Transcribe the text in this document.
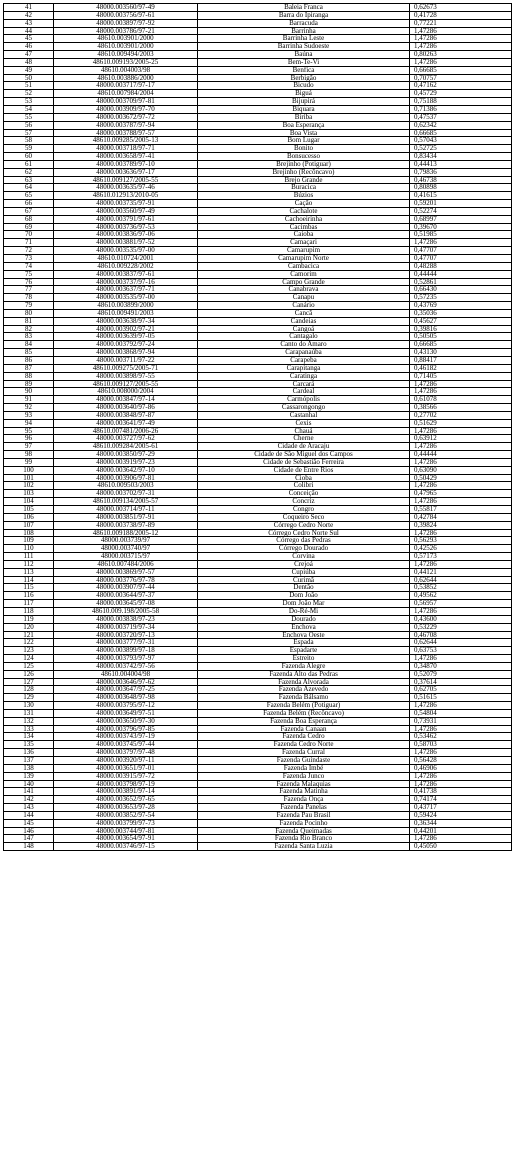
41	48000.003560/97-49	Baleia Franca	0,62673
42	48000.003756/97-61	Barra do Ipiranga	0,41728
43	48000.003897/97-92	Barracuda	0,77221
44	48000.003786/97-21	Barrinha	1,47286
45	48610.003901/2000	Barrinha Leste	1,47286
46	48610.003901/2000	Barrinha Sudoeste	1,47286
47	48610.009494/2003	Baúna	0,80263
48	48610.009193/2005-25	Bem-Te-Vi	1,47286
49	48610.004003/98	Benfica	0,66685
50	48610.003886/2000	Berbigão	0,70757
51	48000.003717/97-17	Bicudo	0,47162
52	48610.007984/2004	Biguá	0,45729
53	48000.003709/97-81	Bijupirá	0,75188
54	48000.003909/97-70	Biquara	0,71386
55	48000.003672/97-72	Biriba	0,47537
56	48000.003787/97-94	Boa Esperança	0,62342
57	48000.003788/97-57	Boa Vista	0,66685
58	48610.009285/2005-13	Bom Lugar	0,57043
59	48000.003718/97-71	Bonito	0,52725
60	48000.003658/97-41	Bonsucesso	0,83434
61	48000.003789/97-10	Brejinho (Potiguar)	0,44413
62	48000.003636/97-17	Brejinho (Recôncavo)	0,79836
63	48610.009127/2005-55	Brejo Grande	0,46738
64	48000.003635/97-46	Buracica	0,80898
65	48610.012913/2010-05	Búzios	0,41615
66	48000.003735/97-91	Cação	0,59201
67	48000.003560/97-49	Cachalote	0,52274
68	48000.003791/97-61	Cachoeirinha	0,68997
69	48000.003736/97-53	Cacimbas	0,39670
70	48000.003836/97-06	Caioba	0,51985
71	48000.003881/97-52	Camaçari	1,47286
72	48000.003535/97-00	Camarupim	0,47707
73	48610.010724/2001	Camarupim Norte	0,47707
74	48610.009228/2002	Cambacica	0,48288
75	48000.003837/97-61	Camorim	0,44444
76	48000.003737/97-16	Campo Grande	0,52861
77	48000.003637/97-71	Canabrava	0,66430
78	48000.003535/97-00	Canapu	0,57235
79	48610.003899/2000	Canário	0,43769
80	48610.009491/2003	Cancã	0,35036
81	48000.003638/97-34	Candeias	0,45627
82	48000.003902/97-21	Cangoá	0,39816
83	48000.003639/97-05	Cantagalo	0,50505
84	48000.003792/97-24	Canto do Amaro	0,66685
85	48000.003868/97-94	Carapanaúba	0,43130
86	48000.003711/97-22	Carapeba	0,88417
87	48610.009275/2005-71	Carapitanga	0,46182
88	48000.003898/97-55	Caratinga	0,71405
89	48610.009127/2005-55	Carcará	1,47286
90	48610.008000/2004	Cardeal	1,47286
91	48000.003847/97-14	Carmópolis	0,61078
92	48000.003640/97-86	Cassarongongo	0,38566
93	48000.003848/97-87	Castanhal	0,27702
94	48000.003641/97-49	Cexis	0,51629
95	48610.007481/2006-26	Chauá	1,47286
96	48000.003727/97-62	Cherne	0,63912
97	48610.009284/2005-61	Cidade de Aracaju	1,47286
98	48000.003850/97-29	Cidade de São Miguel dos Campos	0,44444
99	48000.003919/97-23	Cidade de Sebastião Ferreira	1,47286
100	48000.003642/97-10	Cidade de Entre Rios	0,63090
101	48000.003906/97-81	Cioba	0,50429
102	48610.009503/2003	Colibri	1,47286
103	48000.003702/97-31	Conceição	0,47965
104	48610.009134/2005-57	Concriz	1,47286
105	48000.003714/97-11	Congro	0,55817
106	48000.003851/97-91	Coqueiro Seco	0,42784
107	48000.003738/97-89	Córrego Cedro Norte	0,39824
108	48610.009188/2005-12	Córrego Cedro Norte Sul	1,47286
109	48000.003739/97	Córrego das Pedras	0,56293
110	48000.003740/97	Córrego Dourado	0,42526
111	48000.003715/97	Corvina	0,57173
112	48610.007484/2006	Crejoá	1,47286
113	48000.003869/97-57	Cupiúba	0,44121
114	48000.003776/97-78	Curimã	0,62644
115	48000.003907/97-44	Dentão	0,53852
116	48000.003644/97-37	Dom João	0,49562
117	48000.003645/97-08	Dom João Mar	0,56957
118	48610.009.198/2005-58	Do-Ré-Mi	1,47286
119	48000.003838/97-23	Dourado	0,43600
120	48000.003719/97-34	Enchova	0,53229
121	48000.003720/97-13	Enchova Oeste	0,46708
122	48000.003777/97-31	Espada	0,62644
123	48000.003899/97-18	Espadarte	0,63753
124	48000.003793/97-97	Estreito	1,47286
125	48000.003742/97-56	Fazenda Alegre	0,34870
126	48610.004004/98	Fazenda Alto das Pedras	0,52079
127	48000.003646/97-62	Fazenda Alvorada	0,37614
128	48000.003647/97-25	Fazenda Azevedo	0,62705
129	48000.003648/97-98	Fazenda Bálsamo	0,51615
130	48000.003795/97-12	Fazenda Belém (Potiguar)	1,47286
131	48000.003649/97-51	Fazenda Belém (Recôncavo)	0,54804
132	48000.003650/97-30	Fazenda Boa Esperança	0,73931
133	48000.003796/97-85	Fazenda Canaan	1,47286
134	48000.003743/97-19	Fazenda Cedro	0,53462
135	48000.003745/97-44	Fazenda Cedro Norte	0,58703
136	48000.003797/97-48	Fazenda Curral	1,47286
137	48000.003920/97-11	Fazenda Guindaste	0,56428
138	48000.003651/97-01	Fazenda Imbé	0,46906
139	48000.003915/97-72	Fazenda Junco	1,47286
140	48000.003798/97-19	Fazenda Malaquias	1,47286
141	48000.003891/97-14	Fazenda Matinha	0,41738
142	48000.003652/97-65	Fazenda Onça	0,74174
143	48000.003653/97-28	Fazenda Panelas	0,43717
144	48000.003852/97-54	Fazenda Pau Brasil	0,59424
145	48000.003799/97-73	Fazenda Pocinho	0,36344
146	48000.003744/97-81	Fazenda Queimadas	0,44201
147	48000.003654/97-91	Fazenda Rio Branco	1,47286
148	48000.003746/97-15	Fazenda Santa Luzia	0,45050
